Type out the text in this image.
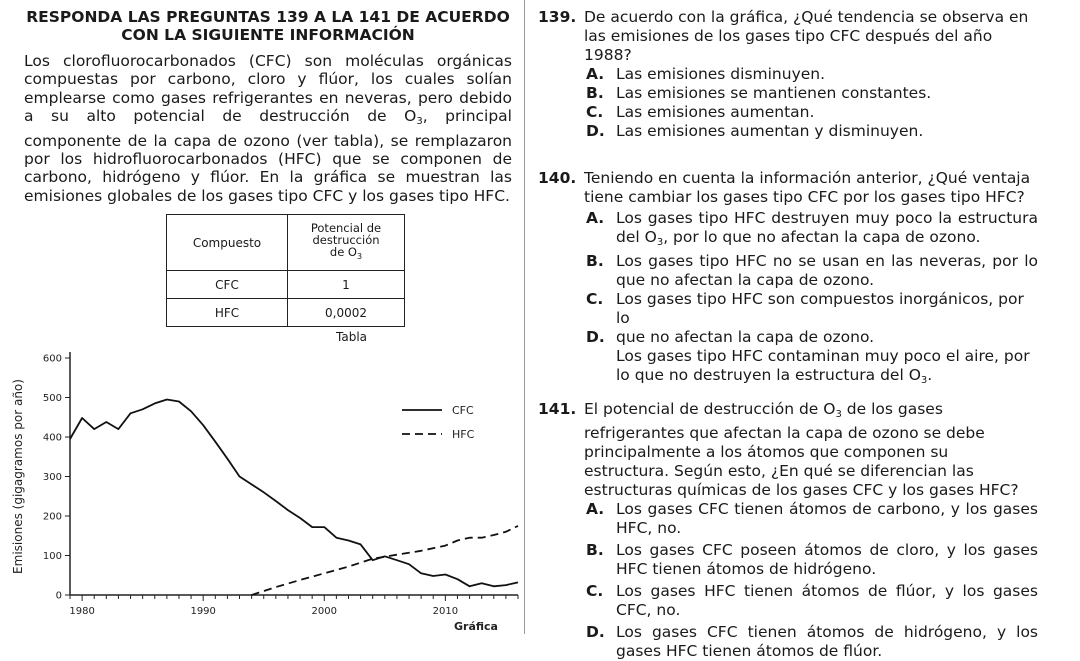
RESPONDA LAS PREGUNTAS 139 A LA 141 DE ACUERDO
CON LA SIGUIENTE INFORMACIÓN

Los clorofluorocarbonados (CFC) son moléculas orgánicas compuestas por carbono, cloro y flúor, los cuales solían emplearse como gases refrigerantes en neveras, pero debido a su alto potencial de destrucción de $O_3$, principal componente de la capa de ozono (ver tabla), se remplazaron por los hidrofluorocarbonados (HFC) que se componen de carbono, hidrógeno y flúor. En la gráfica se muestran las emisiones globales de los gases tipo CFC y los gases tipo HFC.

Compuesto	Potencial de
destrucción
de $O_3$

CFC	1
HFC	0,0002
Tabla
0
100
200
300
400
500
600
1980	1990	2000	2010
Emisiones (gigagramos por año)
Gráfica
CFC
HFC
139. De acuerdo con la gráfica, ¿Qué tendencia se observa en las emisiones de los gases tipo CFC después del año 1988?
A. Las emisiones disminuyen.
B. Las emisiones se mantienen constantes.
C. Las emisiones aumentan.
D. Las emisiones aumentan y disminuyen.
140. Teniendo en cuenta la información anterior, ¿Qué ventaja tiene cambiar los gases tipo CFC por los gases tipo HFC?
A. Los gases tipo HFC destruyen muy poco la estructura del $O_3$, por lo que no afectan la capa de ozono.
B. Los gases tipo HFC no se usan en las neveras, por lo que no afectan la capa de ozono.
C. Los gases tipo HFC son compuestos inorgánicos, por lo
D. que no afectan la capa de ozono.
Los gases tipo HFC contaminan muy poco el aire, por lo que no destruyen la estructura del $O_3$.
141. El potencial de destrucción de $O_3$ de los gases refrigerantes que afectan la capa de ozono se debe principalmente a los átomos que componen su estructura. Según esto, ¿En qué se diferencian las estructuras químicas de los gases CFC y los gases HFC?
A. Los gases CFC tienen átomos de carbono, y los gases HFC, no.
B. Los gases CFC poseen átomos de cloro, y los gases HFC tienen átomos de hidrógeno.
C. Los gases HFC tienen átomos de flúor, y los gases CFC, no.
D. Los gases CFC tienen átomos de hidrógeno, y los gases HFC tienen átomos de flúor.
